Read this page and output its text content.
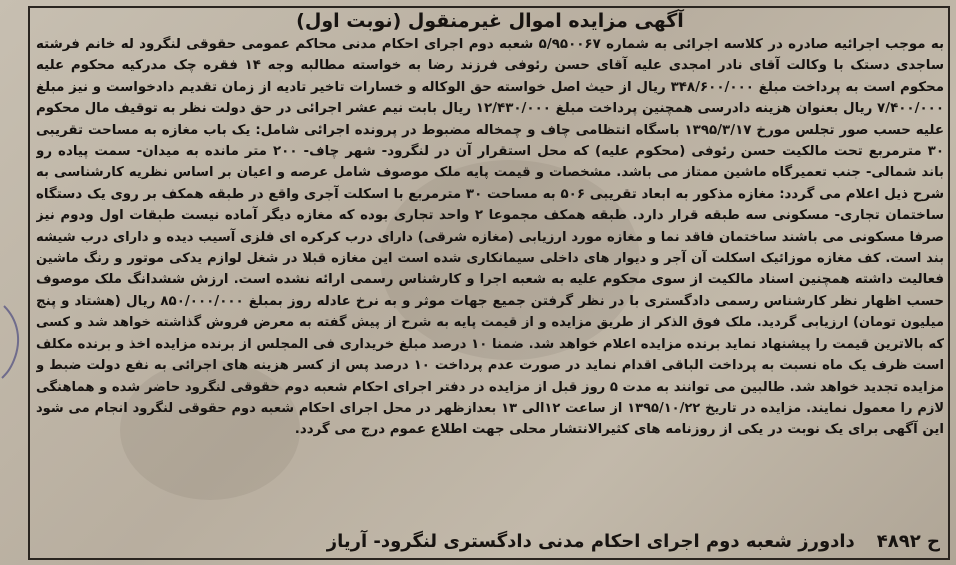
آگهی مزایده اموال غیرمنقول (نوبت اول)
به موجب اجرائیه صادره در کلاسه اجرائی به شماره ۵/۹۵۰۰۶۷ شعبه دوم اجرای احکام مدنی محاکم عمومی حقوقی لنگرود له خانم فرشته
ساجدی دستک با وکالت آقای نادر امجدی علیه آقای حسن رئوفی فرزند رضا به خواسته مطالبه وجه ۱۴ فقره چک مدرکیه محکوم علیه
محکوم است به پرداخت مبلغ ۳۴۸/۶۰۰/۰۰۰ ریال از حیث اصل خواسته حق الوکاله و خسارات تاخیر تادیه از زمان تقدیم دادخواست و نیز مبلغ
۷/۴۰۰/۰۰۰ ریال بعنوان هزینه دادرسی همچنین پرداخت مبلغ ۱۲/۴۳۰/۰۰۰ ریال بابت نیم عشر اجرائی در حق دولت نظر به توقیف مال محکوم
علیه حسب صور تجلس مورخ ۱۳۹۵/۳/۱۷ باسگاه انتظامی چاف و چمخاله مضبوط در پرونده اجرائی شامل: یک باب مغازه به مساحت تقریبی
۳۰ مترمربع تحت مالکیت حسن رئوفی (محکوم علیه) که محل استقرار آن در لنگرود- شهر چاف- ۲۰۰ متر مانده به میدان- سمت پیاده رو
باند شمالی- جنب تعمیرگاه ماشین ممتاز می باشد. مشخصات و قیمت پایه ملک موصوف شامل عرصه و اعیان بر اساس نظریه کارشناسی به
شرح ذیل اعلام می گردد: مغازه مذکور به ابعاد تقریبی ۵۰۶ به مساحت ۳۰ مترمربع با اسکلت آجری واقع در طبقه همکف بر روی یک دستگاه
ساختمان تجاری- مسکونی سه طبقه قرار دارد. طبقه همکف مجموعا ۲ واحد تجاری بوده که مغازه دیگر آماده نیست طبقات اول ودوم نیز
صرفا مسکونی می باشند ساختمان فاقد نما و مغازه مورد ارزیابی (مغازه شرقی) دارای درب کرکره ای فلزی آسیب دیده و دارای درب شیشه
بند است. کف مغازه موزائیک اسکلت آن آجر و دیوار های داخلی سیمانکاری شده است این مغازه قبلا در شغل لوازم یدکی موتور و رنگ ماشین
فعالیت داشته همچنین اسناد مالکیت از سوی محکوم علیه به شعبه اجرا و کارشناس رسمی ارائه نشده است. ارزش ششدانگ ملک موصوف
حسب اظهار نظر کارشناس رسمی دادگستری با در نظر گرفتن جمیع جهات موثر و به نرخ عادله روز بمبلغ ۸۵۰/۰۰۰/۰۰۰ ریال (هشتاد و پنج
میلیون تومان) ارزیابی گردید. ملک فوق الذکر از طریق مزایده و از قیمت پایه به شرح از پیش گفته به معرض فروش گذاشته خواهد شد و کسی
که بالاترین قیمت را پیشنهاد نماید برنده مزایده اعلام خواهد شد. ضمنا ۱۰ درصد مبلغ خریداری فی المجلس از برنده مزایده اخذ و برنده مکلف
است ظرف یک ماه نسبت به پرداخت الباقی اقدام نماید در صورت عدم پرداخت ۱۰ درصد پس از کسر هزینه های اجرائی به نفع دولت ضبط و
مزایده تجدید خواهد شد. طالبین می توانند به مدت ۵ روز قبل از مزایده در دفتر اجرای احکام شعبه دوم حقوقی لنگرود حاضر شده و هماهنگی
لازم را معمول نمایند. مزایده در تاریخ ۱۳۹۵/۱۰/۲۲ از ساعت ۱۲الی ۱۳ بعدازظهر در محل اجرای احکام شعبه دوم حقوقی لنگرود انجام می شود
این آگهی برای یک نوبت در یکی از روزنامه های کثیرالانتشار محلی جهت اطلاع عموم درج می گردد.
ح ۴۸۹۲
دادورز شعبه دوم اجرای احکام مدنی دادگستری لنگرود- آریاز
